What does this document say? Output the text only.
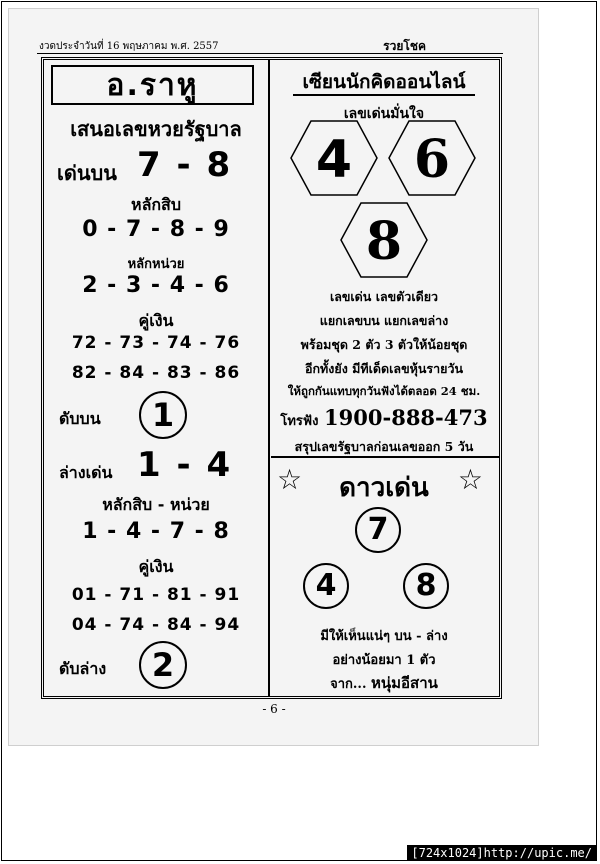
งวดประจำวันที่ 16 พฤษภาคม พ.ศ. 2557	รวยโชค
อ.ราหู
เสนอเลขหวยรัฐบาล
เด่นบน 7 - 8
หลักสิบ
0 - 7 - 8 - 9
หลักหน่วย
2 - 3 - 4 - 6
คู่เงิน
72 - 73 - 74 - 76
82 - 84 - 83 - 86
ดับบน	1
ล่างเด่น 1 - 4
หลักสิบ - หน่วย
1 - 4 - 7 - 8
คู่เงิน
01 - 71 - 81 - 91
04 - 74 - 84 - 94
ดับล่าง	2
เซียนนักคิดออนไลน์
เลขเด่นมั่นใจ
4 6
8
เลขเด่น เลขตัวเดียว
แยกเลขบน แยกเลขล่าง
พร้อมชุด 2 ตัว 3 ตัวให้น้อยชุด
อีกทั้งยัง มีทีเด็ดเลขหุ้นรายวัน
ให้ถูกกันแทบทุกวันฟังได้ตลอด 24 ชม.
โทรฟัง 1900-888-473
สรุปเลขรัฐบาลก่อนเลขออก 5 วัน
☆	ดาวเด่น	☆
7
4	8
มีให้เห็นแน่ๆ บน - ล่าง
อย่างน้อยมา 1 ตัว
จาก... หนุ่มอีสาน
- 6 -
[724x1024]http://upic.me/
